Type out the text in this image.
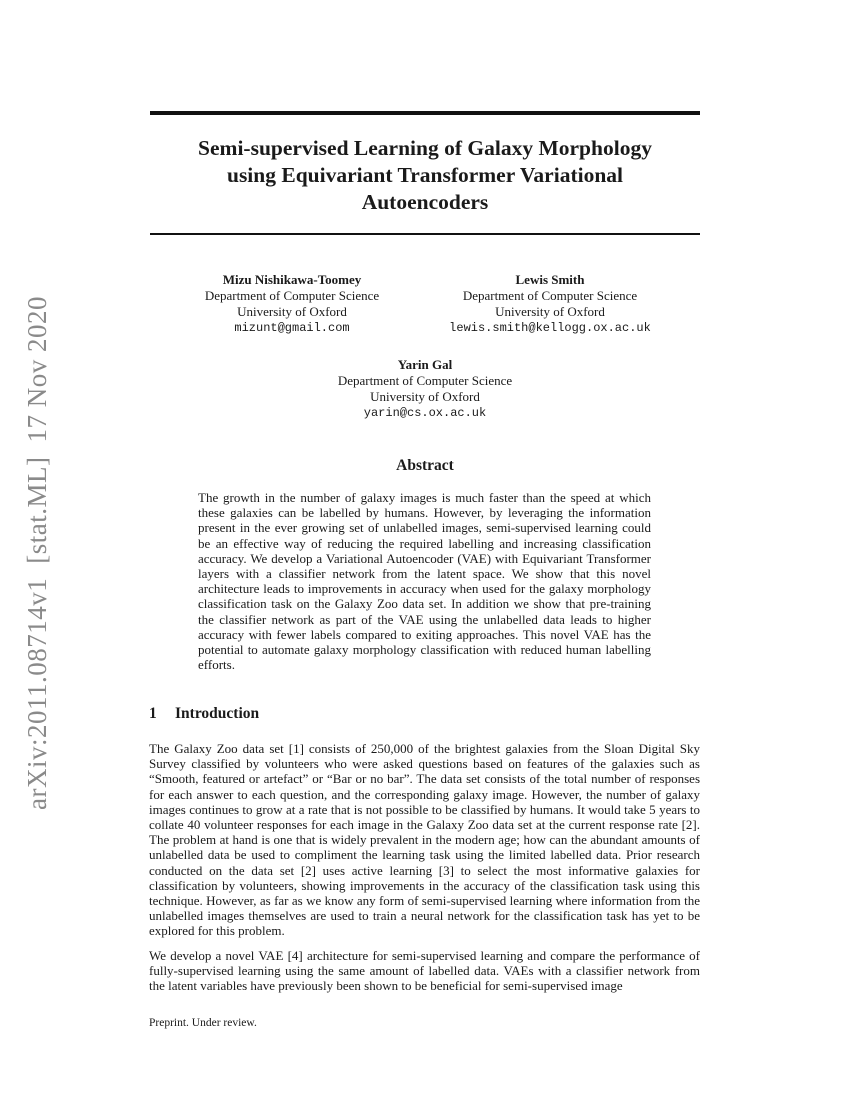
arXiv:2011.08714v1[stat.ML]17 Nov 2020
Semi-supervised Learning of Galaxy Morphology
using Equivariant Transformer Variational
Autoencoders
Mizu Nishikawa-Toomey
Department of Computer Science
University of Oxford
mizunt@gmail.com
Lewis Smith
Department of Computer Science
University of Oxford
lewis.smith@kellogg.ox.ac.uk
Yarin Gal
Department of Computer Science
University of Oxford
yarin@cs.ox.ac.uk
Abstract

The growth in the number of galaxy images is much faster than the speed at which these galaxies can be labelled by humans. However, by leveraging the information present in the ever growing set of unlabelled images, semi-supervised learning could be an effective way of reducing the required labelling and increasing classification accuracy. We develop a Variational Autoencoder (VAE) with Equivariant Transformer layers with a classifier network from the latent space. We show that this novel architecture leads to improvements in accuracy when used for the galaxy morphology classification task on the Galaxy Zoo data set. In addition we show that pre-training the classifier network as part of the VAE using the unlabelled data leads to higher accuracy with fewer labels compared to exiting approaches. This novel VAE has the potential to automate galaxy morphology classification with reduced human labelling efforts.

1 Introduction

The Galaxy Zoo data set [1] consists of 250,000 of the brightest galaxies from the Sloan Digital Sky Survey classified by volunteers who were asked questions based on features of the galaxies such as “Smooth, featured or artefact” or “Bar or no bar”. The data set consists of the total number of responses for each answer to each question, and the corresponding galaxy image. However, the number of galaxy images continues to grow at a rate that is not possible to be classified by humans. It would take 5 years to collate 40 volunteer responses for each image in the Galaxy Zoo data set at the current response rate [2]. The problem at hand is one that is widely prevalent in the modern age; how can the abundant amounts of unlabelled data be used to compliment the learning task using the limited labelled data. Prior research conducted on the data set [2] uses active learning [3] to select the most informative galaxies for classification by volunteers, showing improvements in the accuracy of the classification task using this technique. However, as far as we know any form of semi-supervised learning where information from the unlabelled images themselves are used to train a neural network for the classification task has yet to be explored for this problem.

We develop a novel VAE [4] architecture for semi-supervised learning and compare the performance of fully-supervised learning using the same amount of labelled data. VAEs with a classifier network from the latent variables have previously been shown to be beneficial for semi-supervised image

Preprint. Under review.
